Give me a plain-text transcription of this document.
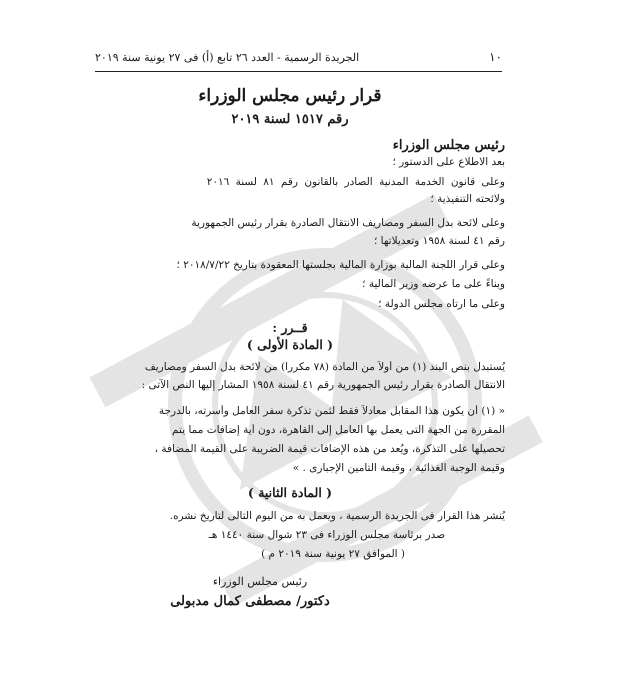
١٠
الجريدة الرسمية - العدد ٢٦ تابع (أ) فى ٢٧ يونية سنة ٢٠١٩
قرار رئيس مجلس الوزراء
رقم ١٥١٧ لسنة ٢٠١٩
رئيس مجلس الوزراء
بعد الاطلاع على الدستور ؛
وعلى قانون الخدمة المدنية الصادر بالقانون رقم ٨١ لسنة ٢٠١٦
ولائحته التنفيذية ؛
وعلى لائحة بدل السفر ومصاريف الانتقال الصادرة بقرار رئيس الجمهورية
رقم ٤١ لسنة ١٩٥٨ وتعديلاتها ؛
وعلى قرار اللجنة المالية بوزارة المالية بجلستها المعقودة بتاريخ ٢٠١٨/٧/٢٢ ؛
وبناءً على ما عرضه وزير المالية ؛
وعلى ما ارتآه مجلس الدولة ؛
قــرر :
( المادة الأولى )
يُستبدل بنص البند (١) من أولاً من المادة (٧٨ مكرراً) من لائحة بدل السفر ومصاريف
الانتقال الصادرة بقرار رئيس الجمهورية رقم ٤١ لسنة ١٩٥٨ المشار إليها النص الآتى :
« (١) أن يكون هذا المقابل معادلاً فقط لثمن تذكرة سفر العامل وأسرته، بالدرجة
المقررة من الجهة التى يعمل بها العامل إلى القاهرة، دون أية إضافات مما يتم
تحصيلها على التذكرة، ويُعد من هذه الإضافات قيمة الضريبة على القيمة المضافة ،
وقيمة الوجبة الغذائية ، وقيمة التأمين الإجبارى . »
( المادة الثانية )
يُنشر هذا القرار فى الجريدة الرسمية ، ويعمل به من اليوم التالى لتاريخ نشره.
صدر برئاسة مجلس الوزراء فى ٢٣ شوال سنة ١٤٤٠ هـ
( الموافق ٢٧ يونية سنة ٢٠١٩ م )
رئيس مجلس الوزراء
دكتور/ مصطفى كمال مدبولى
